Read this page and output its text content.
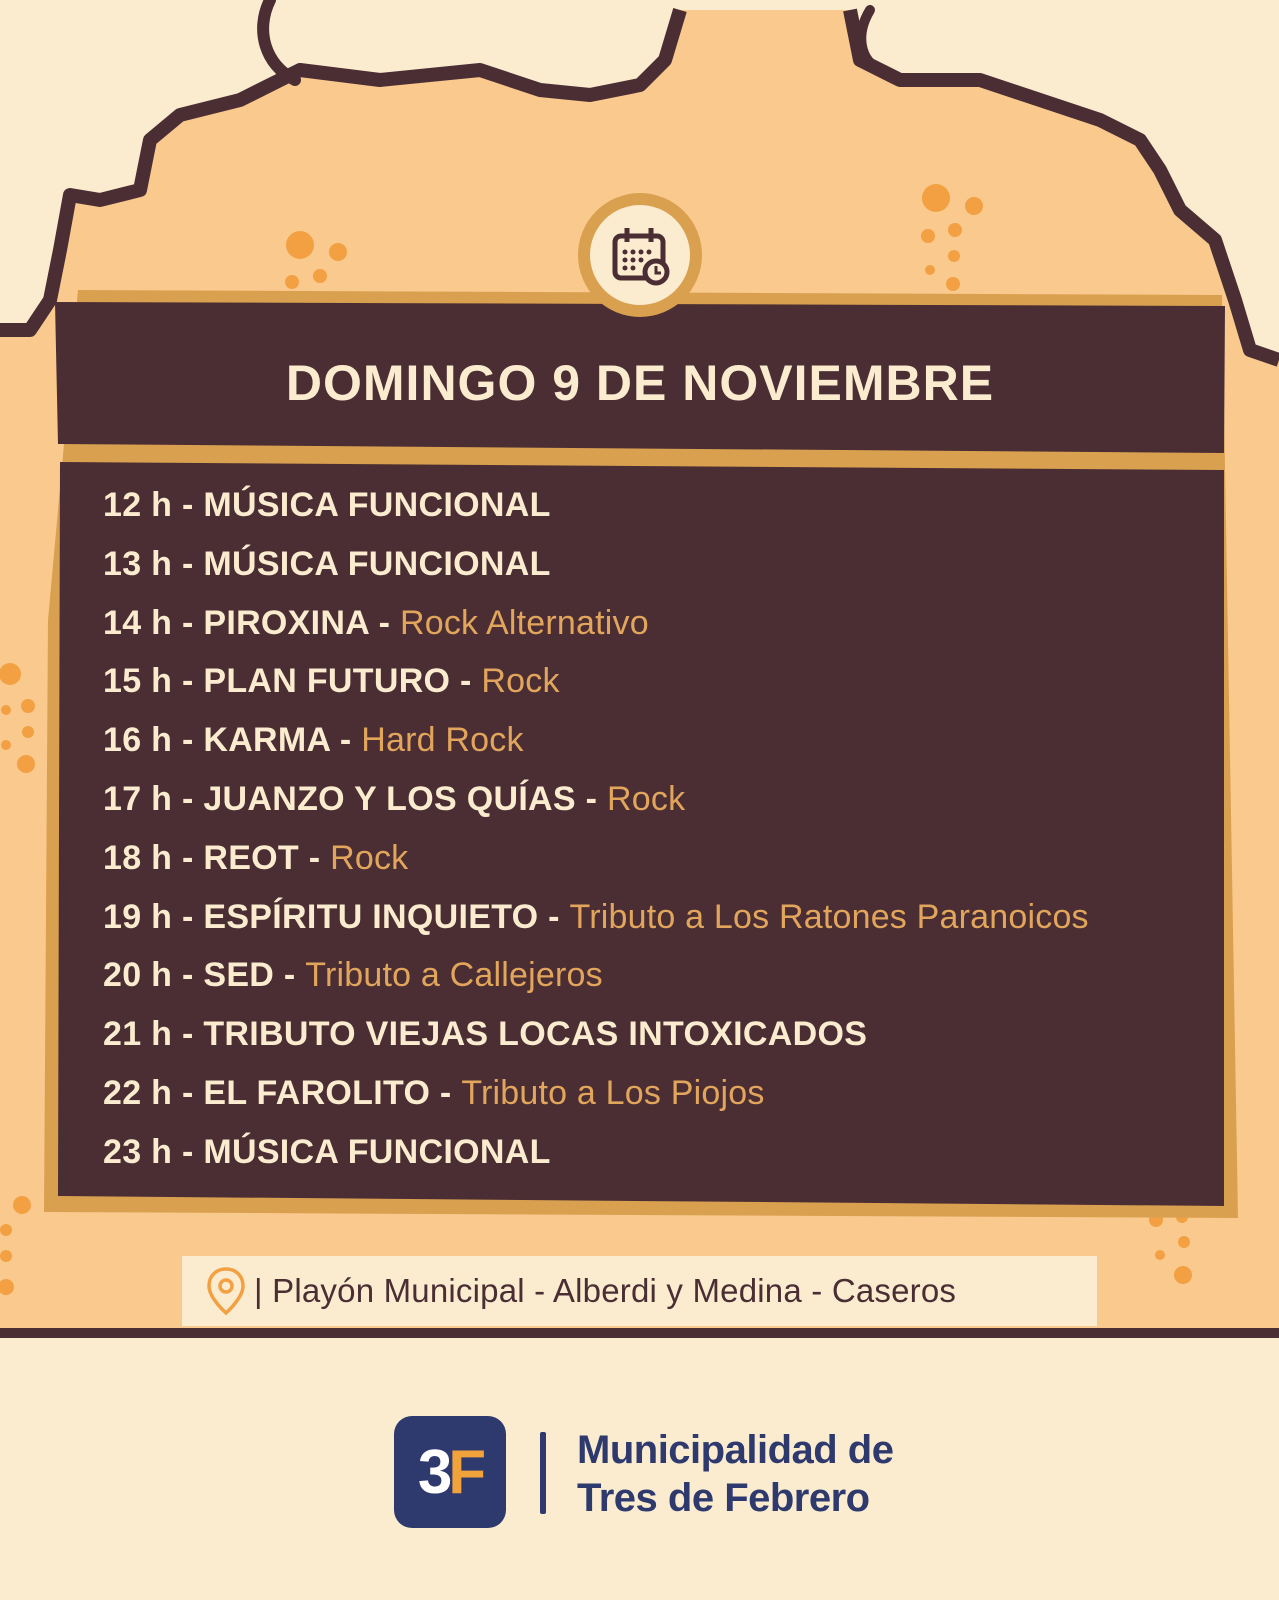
DOMINGO 9 DE NOVIEMBRE
12 h - MÚSICA FUNCIONAL
13 h - MÚSICA FUNCIONAL
14 h - PIROXINA - Rock Alternativo
15 h - PLAN FUTURO - Rock
16 h - KARMA - Hard Rock
17 h - JUANZO Y LOS QUÍAS - Rock
18 h - REOT - Rock
19 h - ESPÍRITU INQUIETO - Tributo a Los Ratones Paranoicos
20 h - SED - Tributo a Callejeros
21 h - TRIBUTO VIEJAS LOCAS INTOXICADOS
22 h - EL FAROLITO - Tributo a Los Piojos
23 h - MÚSICA FUNCIONAL
| Playón Municipal - Alberdi y Medina - Caseros
3F Municipalidad de
Tres de Febrero
